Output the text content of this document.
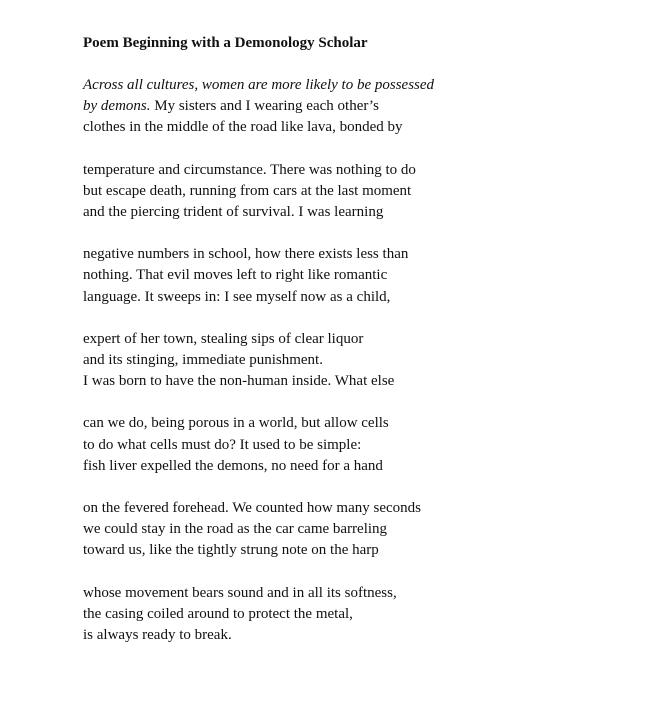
Poem Beginning with a Demonology Scholar
Across all cultures, women are more likely to be possessed
by demons. My sisters and I wearing each other’s
clothes in the middle of the road like lava, bonded by
temperature and circumstance. There was nothing to do
but escape death, running from cars at the last moment
and the piercing trident of survival. I was learning
negative numbers in school, how there exists less than
nothing. That evil moves left to right like romantic
language. It sweeps in: I see myself now as a child,
expert of her town, stealing sips of clear liquor
and its stinging, immediate punishment.
I was born to have the non-human inside. What else
can we do, being porous in a world, but allow cells
to do what cells must do? It used to be simple:
fish liver expelled the demons, no need for a hand
on the fevered forehead. We counted how many seconds
we could stay in the road as the car came barreling
toward us, like the tightly strung note on the harp
whose movement bears sound and in all its softness,
the casing coiled around to protect the metal,
is always ready to break.
